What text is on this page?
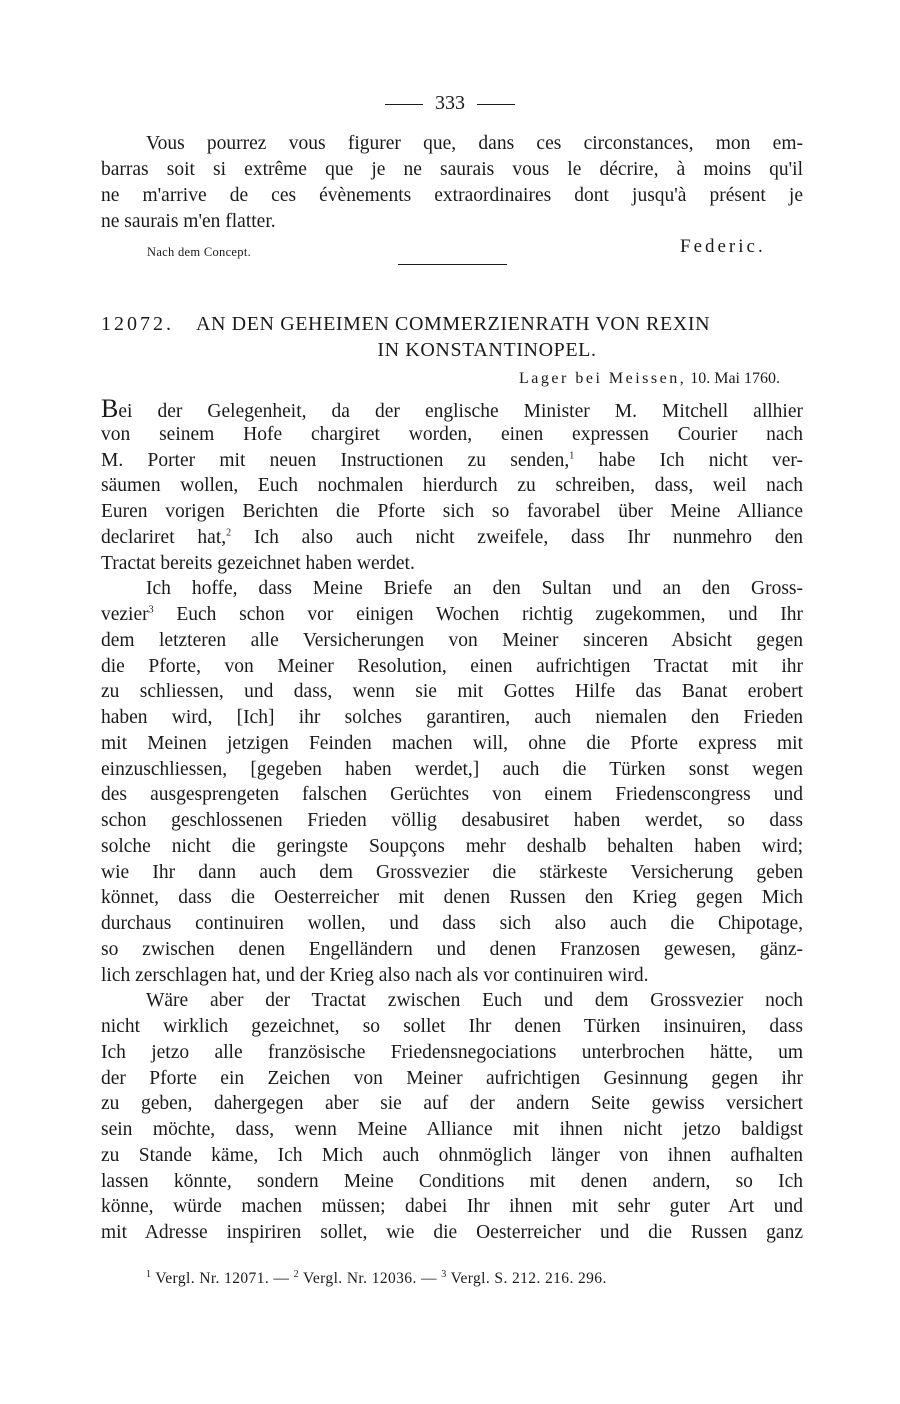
333
Vous pourrez vous figurer que, dans ces circonstances, mon em-
barras soit si extrême que je ne saurais vous le décrire, à moins qu'il
ne m'arrive de ces évènements extraordinaires dont jusqu'à présent je
ne saurais m'en flatter.
Nach dem Concept.	Federic.
12072. AN DEN GEHEIMEN COMMERZIENRATH VON REXIN
IN KONSTANTINOPEL.
Lager bei Meissen, 10. Mai 1760.
Bei der Gelegenheit, da der englische Minister M. Mitchell allhier
von seinem Hofe chargiret worden, einen expressen Courier nach
M. Porter mit neuen Instructionen zu senden,$^1$ habe Ich nicht ver-
säumen wollen, Euch nochmalen hierdurch zu schreiben, dass, weil nach
Euren vorigen Berichten die Pforte sich so favorabel über Meine Alliance
declariret hat,$^2$ Ich also auch nicht zweifele, dass Ihr nunmehro den
Tractat bereits gezeichnet haben werdet.
Ich hoffe, dass Meine Briefe an den Sultan und an den Gross-
vezier$^3$ Euch schon vor einigen Wochen richtig zugekommen, und Ihr
dem letzteren alle Versicherungen von Meiner sinceren Absicht gegen
die Pforte, von Meiner Resolution, einen aufrichtigen Tractat mit ihr
zu schliessen, und dass, wenn sie mit Gottes Hilfe das Banat erobert
haben wird, [Ich] ihr solches garantiren, auch niemalen den Frieden
mit Meinen jetzigen Feinden machen will, ohne die Pforte express mit
einzuschliessen, [gegeben haben werdet,] auch die Türken sonst wegen
des ausgesprengeten falschen Gerüchtes von einem Friedenscongress und
schon geschlossenen Frieden völlig desabusiret haben werdet, so dass
solche nicht die geringste Soupçons mehr deshalb behalten haben wird;
wie Ihr dann auch dem Grossvezier die stärkeste Versicherung geben
könnet, dass die Oesterreicher mit denen Russen den Krieg gegen Mich
durchaus continuiren wollen, und dass sich also auch die Chipotage,
so zwischen denen Engelländern und denen Franzosen gewesen, gänz-
lich zerschlagen hat, und der Krieg also nach als vor continuiren wird.
Wäre aber der Tractat zwischen Euch und dem Grossvezier noch
nicht wirklich gezeichnet, so sollet Ihr denen Türken insinuiren, dass
Ich jetzo alle französische Friedensnegociations unterbrochen hätte, um
der Pforte ein Zeichen von Meiner aufrichtigen Gesinnung gegen ihr
zu geben, dahergegen aber sie auf der andern Seite gewiss versichert
sein möchte, dass, wenn Meine Alliance mit ihnen nicht jetzo baldigst
zu Stande käme, Ich Mich auch ohnmöglich länger von ihnen aufhalten
lassen könnte, sondern Meine Conditions mit denen andern, so Ich
könne, würde machen müssen; dabei Ihr ihnen mit sehr guter Art und
mit Adresse inspiriren sollet, wie die Oesterreicher und die Russen ganz
$^1$ Vergl. Nr. 12071. — $^2$ Vergl. Nr. 12036. — $^3$ Vergl. S. 212. 216. 296.
